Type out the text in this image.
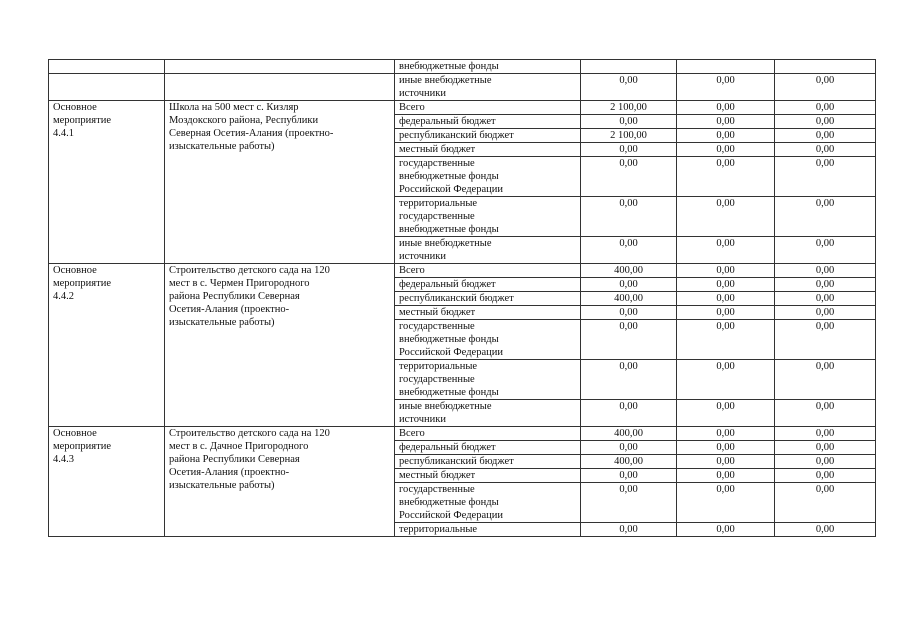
		внебюджетные фонды			
		иные внебюджетные
источники	0,00	0,00	0,00
Основное
мероприятие
4.4.1	Школа на 500 мест с. Кизляр
Моздокского района, Республики
Северная Осетия-Алания (проектно-
изыскательные работы)	Всего	2 100,00	0,00	0,00
		федеральный бюджет	0,00	0,00	0,00
		республиканский бюджет	2 100,00	0,00	0,00
		местный бюджет	0,00	0,00	0,00
		государственные
внебюджетные фонды
Российской Федерации	0,00	0,00	0,00
		территориальные
государственные
внебюджетные фонды	0,00	0,00	0,00
		иные внебюджетные
источники	0,00	0,00	0,00
Основное
мероприятие
4.4.2	Строительство детского сада на 120
мест в с. Чермен Пригородного
района Республики Северная
Осетия-Алания (проектно-
изыскательные работы)	Всего	400,00	0,00	0,00
		федеральный бюджет	0,00	0,00	0,00
		республиканский бюджет	400,00	0,00	0,00
		местный бюджет	0,00	0,00	0,00
		государственные
внебюджетные фонды
Российской Федерации	0,00	0,00	0,00
		территориальные
государственные
внебюджетные фонды	0,00	0,00	0,00
		иные внебюджетные
источники	0,00	0,00	0,00
Основное
мероприятие
4.4.3	Строительство детского сада на 120
мест в с. Дачное Пригородного
района Республики Северная
Осетия-Алания (проектно-
изыскательные работы)	Всего	400,00	0,00	0,00
		федеральный бюджет	0,00	0,00	0,00
		республиканский бюджет	400,00	0,00	0,00
		местный бюджет	0,00	0,00	0,00
		государственные
внебюджетные фонды
Российской Федерации	0,00	0,00	0,00
		территориальные	0,00	0,00	0,00
